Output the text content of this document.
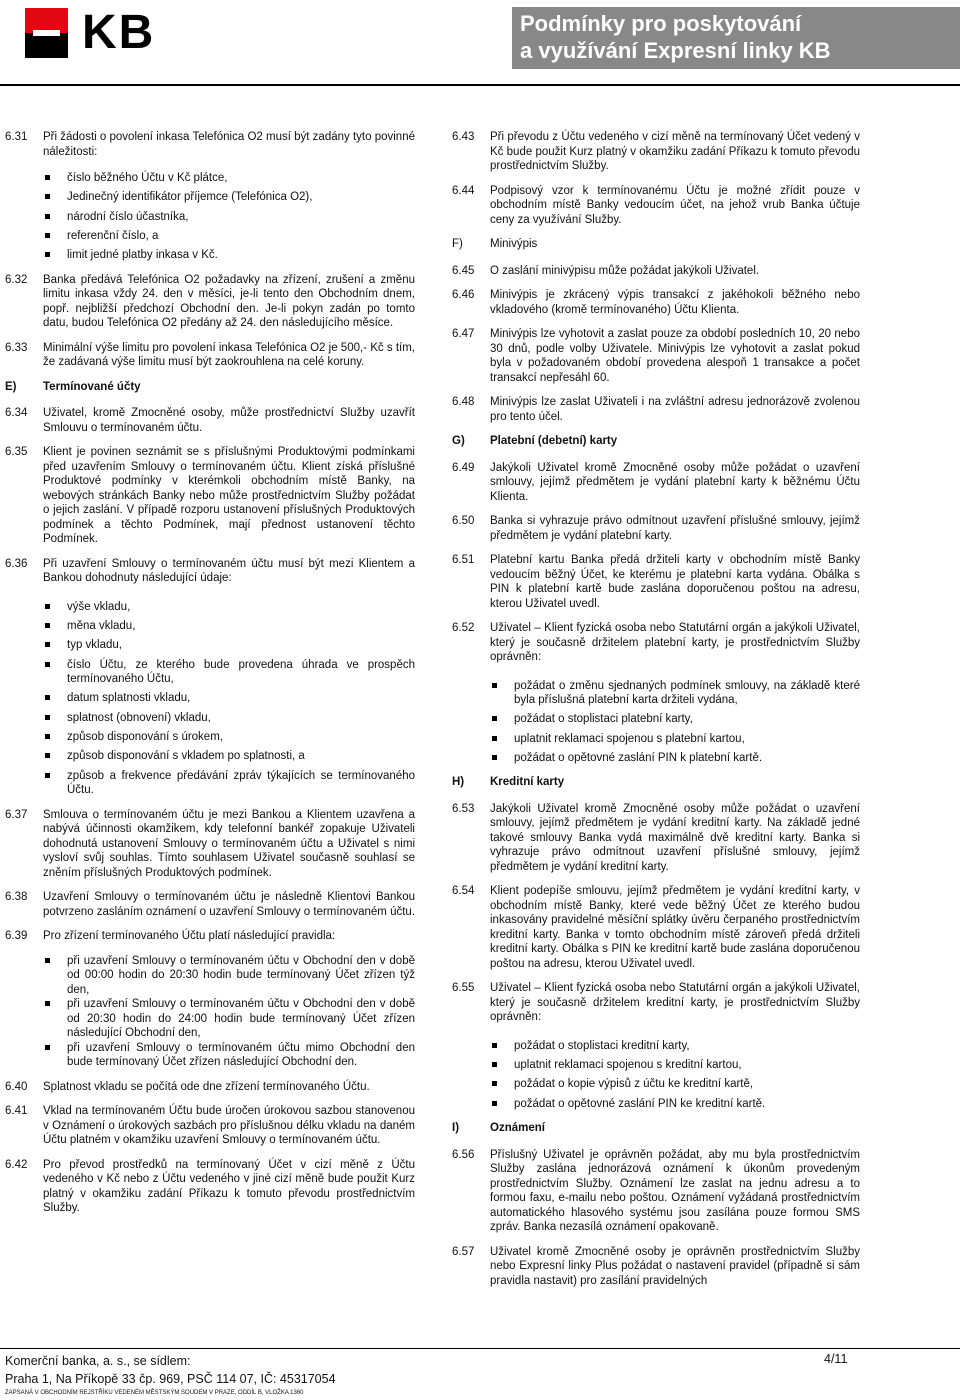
KB	Podmínky pro poskytování
a využívání Expresní linky KB
6.31 Při žádosti o povolení inkasa Telefónica O2 musí být zadány tyto povinné náležitosti:
číslo běžného Účtu v Kč plátce,
Jedinečný identifikátor příjemce (Telefónica O2),
národní číslo účastníka,
referenční číslo, a
limit jedné platby inkasa v Kč.
6.32 Banka předává Telefónica O2 požadavky na zřízení, zrušení a změnu limitu inkasa vždy 24. den v měsíci, je-li tento den Obchodním dnem, popř. nejbližší předchozí Obchodní den. Je-li pokyn zadán po tomto datu, budou Telefónica O2 předány až 24. den následujícího měsíce.
6.33 Minimální výše limitu pro povolení inkasa Telefónica O2 je 500,- Kč s tím, že zadávaná výše limitu musí být zaokrouhlena na celé koruny.
E) Termínované účty
6.34 Uživatel, kromě Zmocněné osoby, může prostřednictví Služby uzavřít Smlouvu o termínovaném účtu.
6.35 Klient je povinen seznámit se s příslušnými Produktovými podmínkami před uzavřením Smlouvy o termínovaném účtu. Klient získá příslušné Produktové podmínky v kterémkoli obchodním místě Banky, na webových stránkách Banky nebo může prostřednictvím Služby požádat o jejich zaslání. V případě rozporu ustanovení příslušných Produktových podmínek a těchto Podmínek, mají přednost ustanovení těchto Podmínek.
6.36 Při uzavření Smlouvy o termínovaném účtu musí být mezi Klientem a Bankou dohodnuty následující údaje:
výše vkladu,
měna vkladu,
typ vkladu,
číslo Účtu, ze kterého bude provedena úhrada ve prospěch termínovaného Účtu,
datum splatnosti vkladu,
splatnost (obnovení) vkladu,
způsob disponování s úrokem,
způsob disponování s vkladem po splatnosti, a
způsob a frekvence předávání zpráv týkajících se termínovaného Účtu.
6.37 Smlouva o termínovaném účtu je mezi Bankou a Klientem uzavřena a nabývá účinnosti okamžikem, kdy telefonní bankéř zopakuje Uživateli dohodnutá ustanovení Smlouvy o termínovaném účtu a Uživatel s nimi vysloví svůj souhlas. Tímto souhlasem Uživatel současně souhlasí se zněním příslušných Produktových podmínek.
6.38 Uzavření Smlouvy o termínovaném účtu je následně Klientovi Bankou potvrzeno zasláním oznámení o uzavření Smlouvy o termínovaném účtu.
6.39 Pro zřízení termínovaného Účtu platí následující pravidla:
při uzavření Smlouvy o termínovaném účtu v Obchodní den v době od 00:00 hodin do 20:30 hodin bude termínovaný Účet zřízen týž den,
při uzavření Smlouvy o termínovaném účtu v Obchodní den v době od 20:30 hodin do 24:00 hodin bude termínovaný Účet zřízen následující Obchodní den,
při uzavření Smlouvy o termínovaném účtu mimo Obchodní den bude termínovaný Účet zřízen následující Obchodní den.
6.40 Splatnost vkladu se počítá ode dne zřízení termínovaného Účtu.
6.41 Vklad na termínovaném Účtu bude úročen úrokovou sazbou stanovenou v Oznámení o úrokových sazbách pro příslušnou délku vkladu na daném Účtu platném v okamžiku uzavření Smlouvy o termínovaném účtu.
6.42 Pro převod prostředků na termínovaný Účet v cizí měně z Účtu vedeného v Kč nebo z Účtu vedeného v jiné cizí měně bude použit Kurz platný v okamžiku zadání Příkazu k tomuto převodu prostřednictvím Služby.
6.43 Při převodu z Účtu vedeného v cizí měně na termínovaný Účet vedený v Kč bude použit Kurz platný v okamžiku zadání Příkazu k tomuto převodu prostřednictvím Služby.
6.44 Podpisový vzor k termínovanému Účtu je možné zřídit pouze v obchodním místě Banky vedoucím účet, na jehož vrub Banka účtuje ceny za využívání Služby.
F) Minivýpis
6.45 O zaslání minivýpisu může požádat jakýkoli Uživatel.
6.46 Minivýpis je zkrácený výpis transakcí z jakéhokoli běžného nebo vkladového (kromě termínovaného) Účtu Klienta.
6.47 Minivýpis lze vyhotovit a zaslat pouze za období posledních 10, 20 nebo 30 dnů, podle volby Uživatele. Minivýpis lze vyhotovit a zaslat pokud byla v požadovaném období provedena alespoň 1 transakce a počet transakcí nepřesáhl 60.
6.48 Minivýpis lze zaslat Uživateli i na zvláštní adresu jednorázově zvolenou pro tento účel.
G) Platební (debetní) karty
6.49 Jakýkoli Uživatel kromě Zmocněné osoby může požádat o uzavření smlouvy, jejímž předmětem je vydání platební karty k běžnému Účtu Klienta.
6.50 Banka si vyhrazuje právo odmítnout uzavření příslušné smlouvy, jejímž předmětem je vydání platební karty.
6.51 Platební kartu Banka předá držiteli karty v obchodním místě Banky vedoucím běžný Účet, ke kterému je platební karta vydána. Obálka s PIN k platební kartě bude zaslána doporučenou poštou na adresu, kterou Uživatel uvedl.
6.52 Uživatel – Klient fyzická osoba nebo Statutární orgán a jakýkoli Uživatel, který je současně držitelem platební karty, je prostřednictvím Služby oprávněn:
požádat o změnu sjednaných podmínek smlouvy, na základě které byla příslušná platební karta držiteli vydána,
požádat o stoplistaci platební karty,
uplatnit reklamaci spojenou s platební kartou,
požádat o opětovné zaslání PIN k platební kartě.
H) Kreditní karty
6.53 Jakýkoli Uživatel kromě Zmocněné osoby může požádat o uzavření smlouvy, jejímž předmětem je vydání kreditní karty. Na základě jedné takové smlouvy Banka vydá maximálně dvě kreditní karty. Banka si vyhrazuje právo odmítnout uzavření příslušné smlouvy, jejímž předmětem je vydání kreditní karty.
6.54 Klient podepíše smlouvu, jejímž předmětem je vydání kreditní karty, v obchodním místě Banky, které vede běžný Účet ze kterého budou inkasovány pravidelné měsíční splátky úvěru čerpaného prostřednictvím kreditní karty. Banka v tomto obchodním místě zároveň předá držiteli kreditní karty. Obálka s PIN ke kreditní kartě bude zaslána doporučenou poštou na adresu, kterou Uživatel uvedl.
6.55 Uživatel – Klient fyzická osoba nebo Statutární orgán a jakýkoli Uživatel, který je současně držitelem kreditní karty, je prostřednictvím Služby oprávněn:
požádat o stoplistaci kreditní karty,
uplatnit reklamaci spojenou s kreditní kartou,
požádat o kopie výpisů z účtu ke kreditní kartě,
požádat o opětovné zaslání PIN ke kreditní kartě.
I)	Oznámení
6.56 Příslušný Uživatel je oprávněn požádat, aby mu byla prostřednictvím Služby zaslána jednorázová oznámení k úkonům provedeným prostřednictvím Služby. Oznámení lze zaslat na jednu adresu a to formou faxu, e-mailu nebo poštou. Oznámení vyžádaná prostřednictvím automatického hlasového systému jsou zasílána pouze formou SMS zpráv. Banka nezasílá oznámení opakovaně.
6.57 Uživatel kromě Zmocněné osoby je oprávněn prostřednictvím Služby nebo Expresní linky Plus požádat o nastavení pravidel (případně si sám pravidla nastavit) pro zasílání pravidelných
Komerční banka, a. s., se sídlem:
Praha 1, Na Příkopě 33 čp. 969, PSČ 114 07, IČ: 45317054
ZAPSANÁ V OBCHODNÍM REJSTŘÍKU VEDENÉM MĚSTSKÝM SOUDEM V PRAZE, ODDÍL B, VLOŽKA 1360
4/11
